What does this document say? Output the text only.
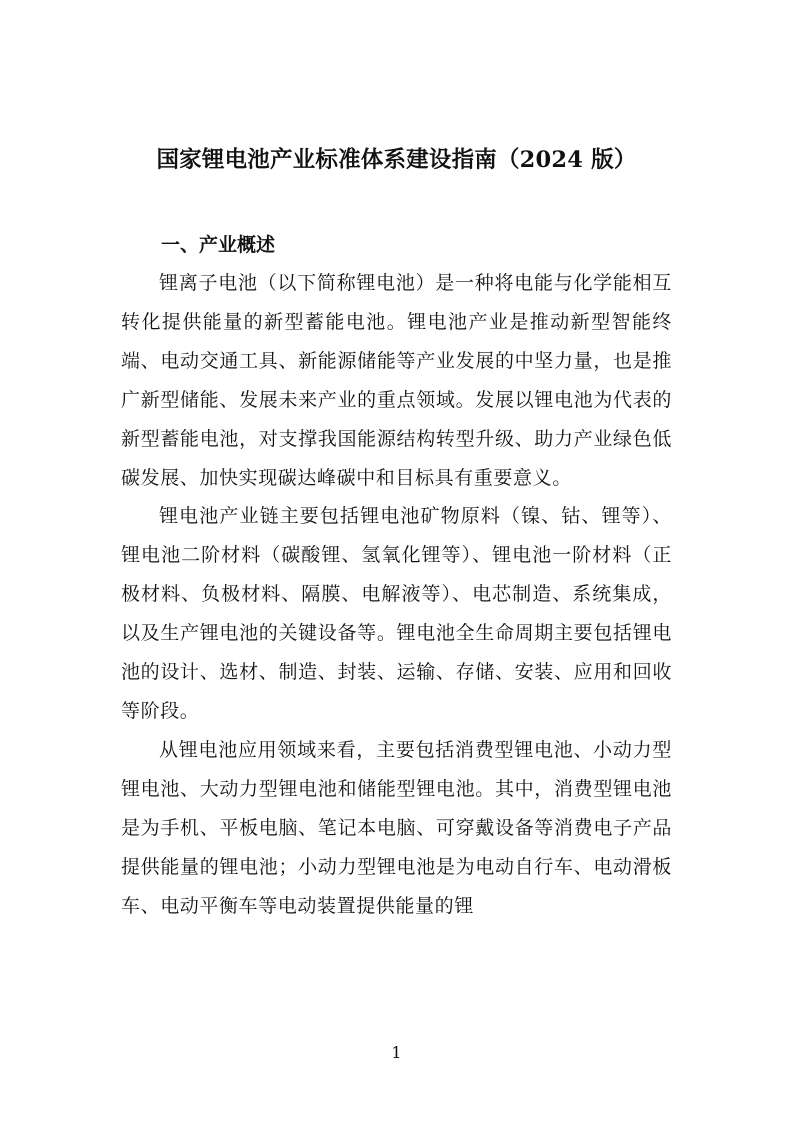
国家锂电池产业标准体系建设指南（2024 版）
一、产业概述

锂离子电池（以下简称锂电池）是一种将电能与化学能相互转化提供能量的新型蓄能电池。锂电池产业是推动新型智能终端、电动交通工具、新能源储能等产业发展的中坚力量，也是推广新型储能、发展未来产业的重点领域。发展以锂电池为代表的新型蓄能电池，对支撑我国能源结构转型升级、助力产业绿色低碳发展、加快实现碳达峰碳中和目标具有重要意义。

锂电池产业链主要包括锂电池矿物原料（镍、钴、锂等）、锂电池二阶材料（碳酸锂、氢氧化锂等）、锂电池一阶材料（正极材料、负极材料、隔膜、电解液等）、电芯制造、系统集成，以及生产锂电池的关键设备等。锂电池全生命周期主要包括锂电池的设计、选材、制造、封装、运输、存储、安装、应用和回收等阶段。

从锂电池应用领域来看，主要包括消费型锂电池、小动力型锂电池、大动力型锂电池和储能型锂电池。其中，消费型锂电池是为手机、平板电脑、笔记本电脑、可穿戴设备等消费电子产品提供能量的锂电池；小动力型锂电池是为电动自行车、电动滑板车、电动平衡车等电动装置提供能量的锂

1
